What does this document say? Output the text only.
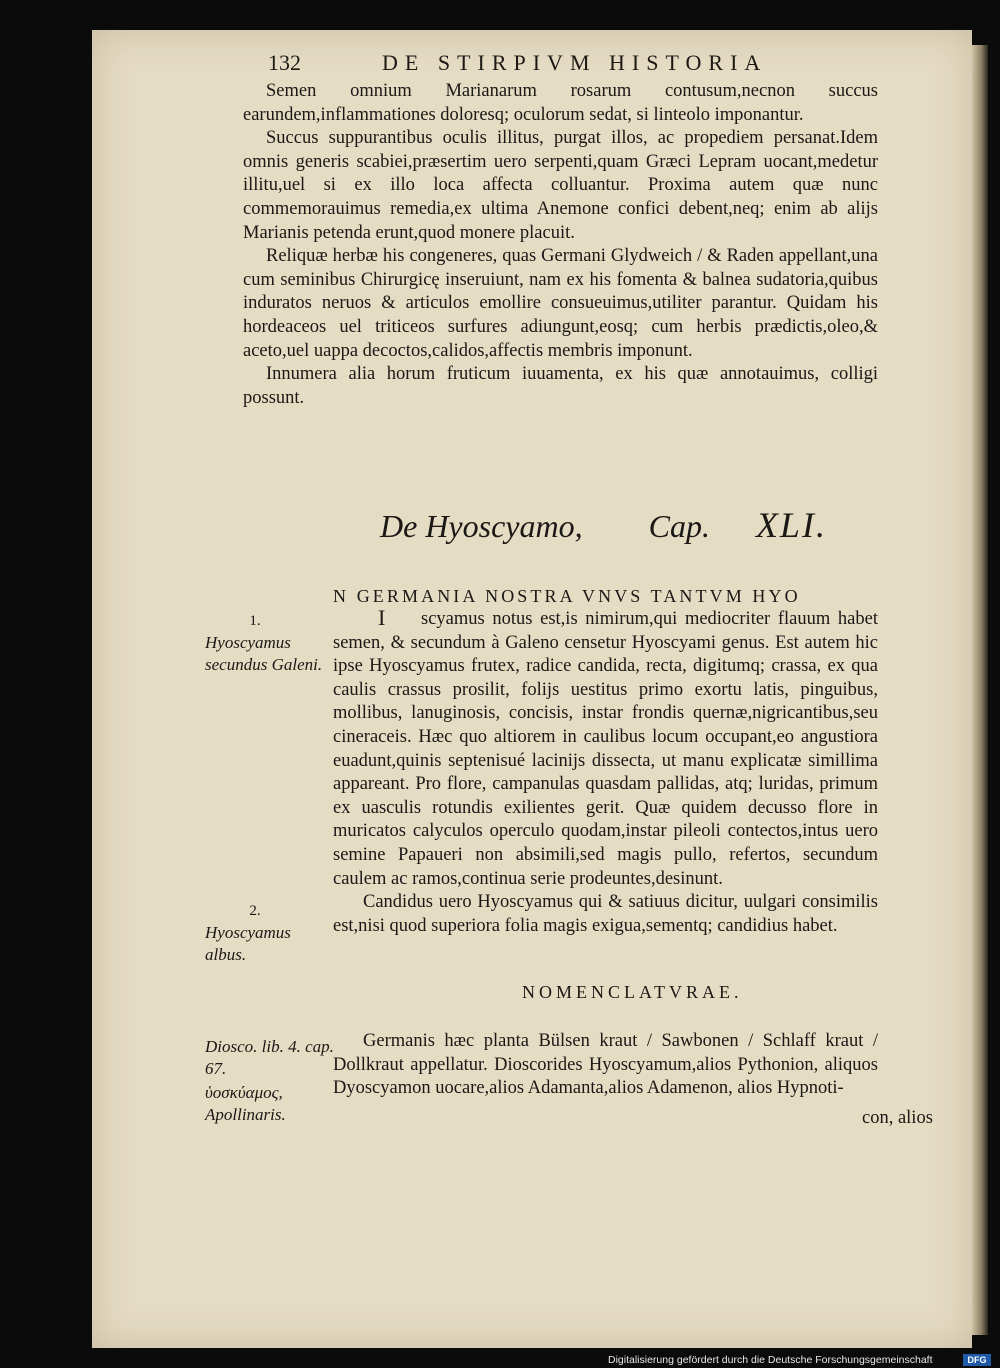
132	DE STIRPIVM HISTORIA

Semen omnium Marianarum rosarum contusum,necnon succus earundem,inflammationes doloresq; oculorum sedat, si linteolo imponantur.

Succus suppurantibus oculis illitus, purgat illos, ac propediem persanat.Idem omnis generis scabiei,præsertim uero serpenti,quam Græci Lepram uocant,medetur illitu,uel si ex illo loca affecta colluantur. Proxima autem quæ nunc commemorauimus remedia,ex ultima Anemone confici debent,neq; enim ab alijs Marianis petenda erunt,quod monere placuit.

Reliquæ herbæ his congeneres, quas Germani Glydweich / & Raden appellant,una cum seminibus Chirurgicę inseruiunt, nam ex his fomenta & balnea sudatoria,quibus induratos neruos & articulos emollire consueuimus,utiliter parantur. Quidam his hordeaceos uel triticeos surfures adiungunt,eosq; cum herbis prædictis,oleo,& aceto,uel uappa decoctos,calidos,affectis membris imponunt.

Innumera alia horum fruticum iuuamenta, ex his quæ annotauimus, colligi possunt.

De Hyoscyamo, Cap. XLI.
N GERMANIA NOSTRA VNVS TANTVM HYO
I	scyamus notus est,is nimirum,qui mediocriter flauum habet semen, & secundum à Galeno censetur Hyoscyami genus. Est autem hic ipse Hyoscyamus frutex, radice candida, recta, digitumq; crassa, ex qua caulis crassus prosilit, folijs uestitus primo exortu latis, pinguibus, mollibus, lanuginosis, concisis, instar frondis quernæ,nigricantibus,seu cineraceis. Hæc quo altiorem in caulibus locum occupant,eo angustiora euadunt,quinis septenisué lacinijs dissecta, ut manu explicatæ simillima appareant. Pro flore, campanulas quasdam pallidas, atq; luridas, primum ex uasculis rotundis exilientes gerit. Quæ quidem decusso flore in muricatos calyculos operculo quodam,instar pileoli contectos,intus uero semine Papaueri non absimili,sed magis pullo, refertos, secundum caulem ac ramos,continua serie prodeuntes,desinunt.

Candidus uero Hyoscyamus qui & satiuus dicitur, uulgari consimilis est,nisi quod superiora folia magis exigua,sementq; candidius habet.

NOMENCLATVRAE.

Germanis hæc planta Bülsen kraut / Sawbonen / Schlaff kraut / Dollkraut appellatur. Dioscorides Hyoscyamum,alios Pythonion, aliquos Dyoscyamon uocare,alios Adamanta,alios Adamenon, alios Hypnoti-

con, alios
1.
Hyoscyamus secundus Galeni.
2.
Hyoscyamus albus.
Diosco. lib. 4. cap. 67.
ὑοσκύαμος, Apollinaris.
Digitalisierung gefördert durch die Deutsche Forschungsgemeinschaft	DFG
